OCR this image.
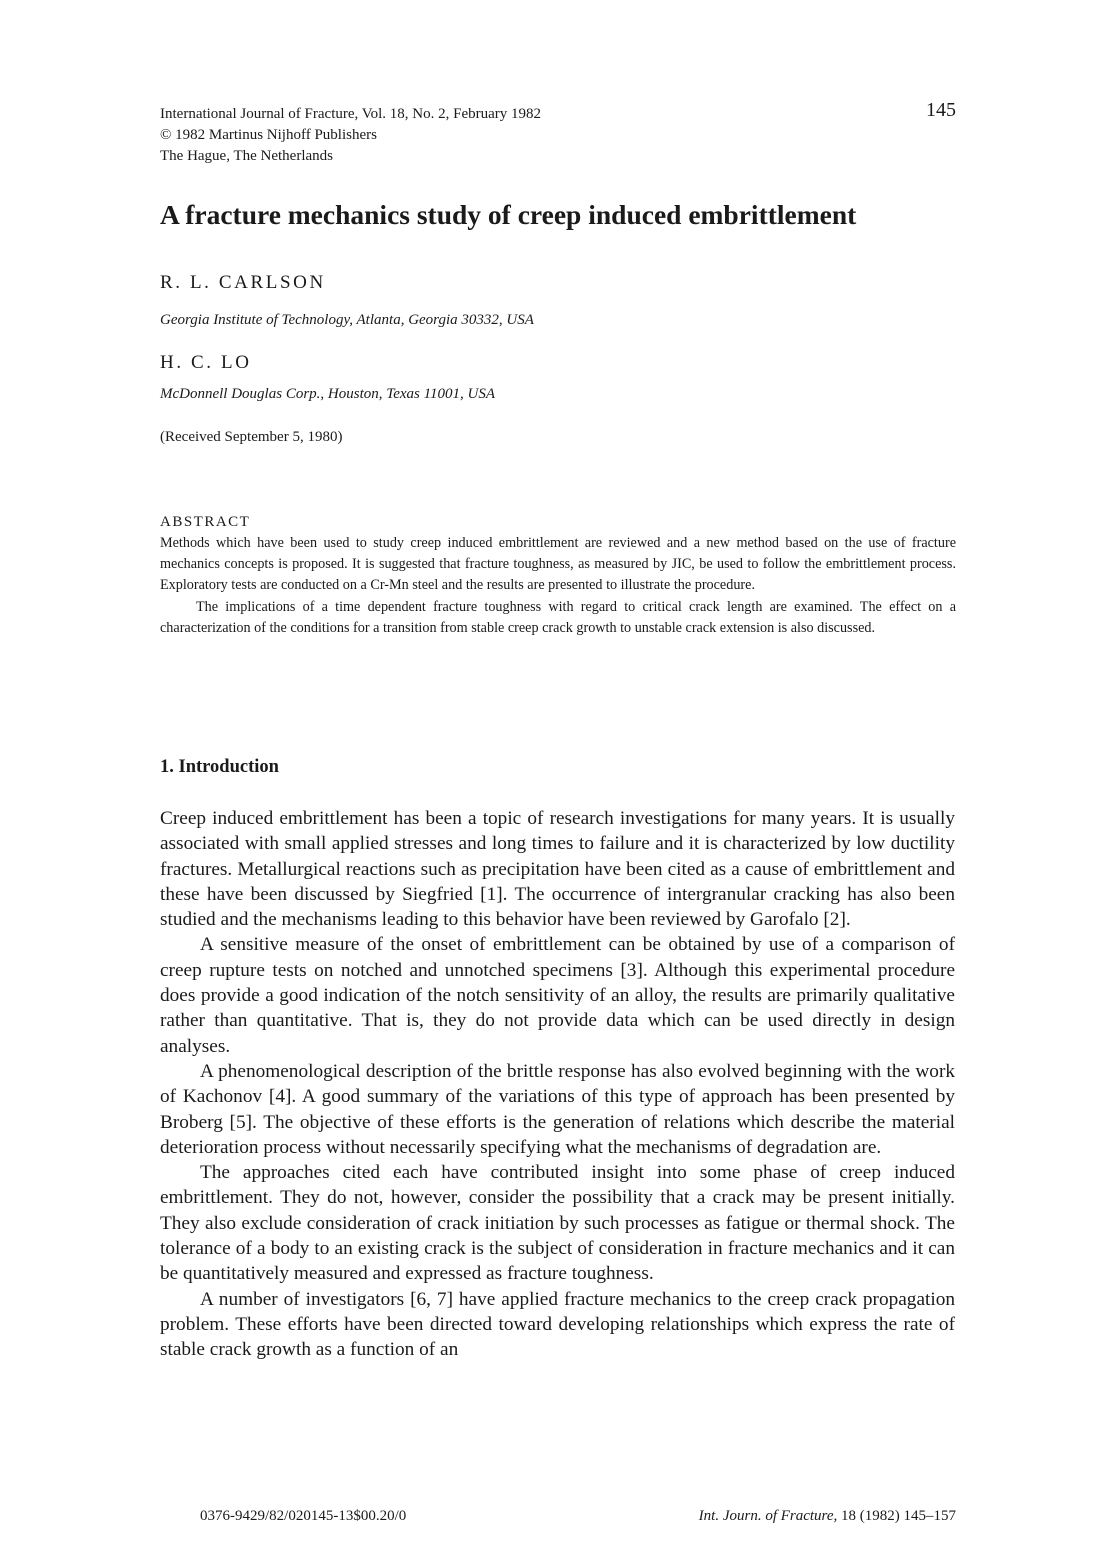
International Journal of Fracture, Vol. 18, No. 2, February 1982
© 1982 Martinus Nijhoff Publishers
The Hague, The Netherlands
145
A fracture mechanics study of creep induced embrittlement
R. L. CARLSON
Georgia Institute of Technology, Atlanta, Georgia 30332, USA
H. C. LO
McDonnell Douglas Corp., Houston, Texas 11001, USA
(Received September 5, 1980)
ABSTRACT

Methods which have been used to study creep induced embrittlement are reviewed and a new method based on the use of fracture mechanics concepts is proposed. It is suggested that fracture toughness, as measured by JIC, be used to follow the embrittlement process. Exploratory tests are conducted on a Cr-Mn steel and the results are presented to illustrate the procedure.

The implications of a time dependent fracture toughness with regard to critical crack length are examined. The effect on a characterization of the conditions for a transition from stable creep crack growth to unstable crack extension is also discussed.

1. Introduction

Creep induced embrittlement has been a topic of research investigations for many years. It is usually associated with small applied stresses and long times to failure and it is characterized by low ductility fractures. Metallurgical reactions such as precipitation have been cited as a cause of embrittlement and these have been discussed by Siegfried [1]. The occurrence of intergranular cracking has also been studied and the mechanisms leading to this behavior have been reviewed by Garofalo [2].

A sensitive measure of the onset of embrittlement can be obtained by use of a comparison of creep rupture tests on notched and unnotched specimens [3]. Although this experimental procedure does provide a good indication of the notch sensitivity of an alloy, the results are primarily qualitative rather than quantitative. That is, they do not provide data which can be used directly in design analyses.

A phenomenological description of the brittle response has also evolved beginning with the work of Kachonov [4]. A good summary of the variations of this type of approach has been presented by Broberg [5]. The objective of these efforts is the generation of relations which describe the material deterioration process without necessarily specifying what the mechanisms of degradation are.

The approaches cited each have contributed insight into some phase of creep induced embrittlement. They do not, however, consider the possibility that a crack may be present initially. They also exclude consideration of crack initiation by such processes as fatigue or thermal shock. The tolerance of a body to an existing crack is the subject of consideration in fracture mechanics and it can be quantitatively measured and expressed as fracture toughness.

A number of investigators [6, 7] have applied fracture mechanics to the creep crack propagation problem. These efforts have been directed toward developing relationships which express the rate of stable crack growth as a function of an

0376-9429/82/020145-13$00.20/0	Int. Journ. of Fracture, 18 (1982) 145–157
